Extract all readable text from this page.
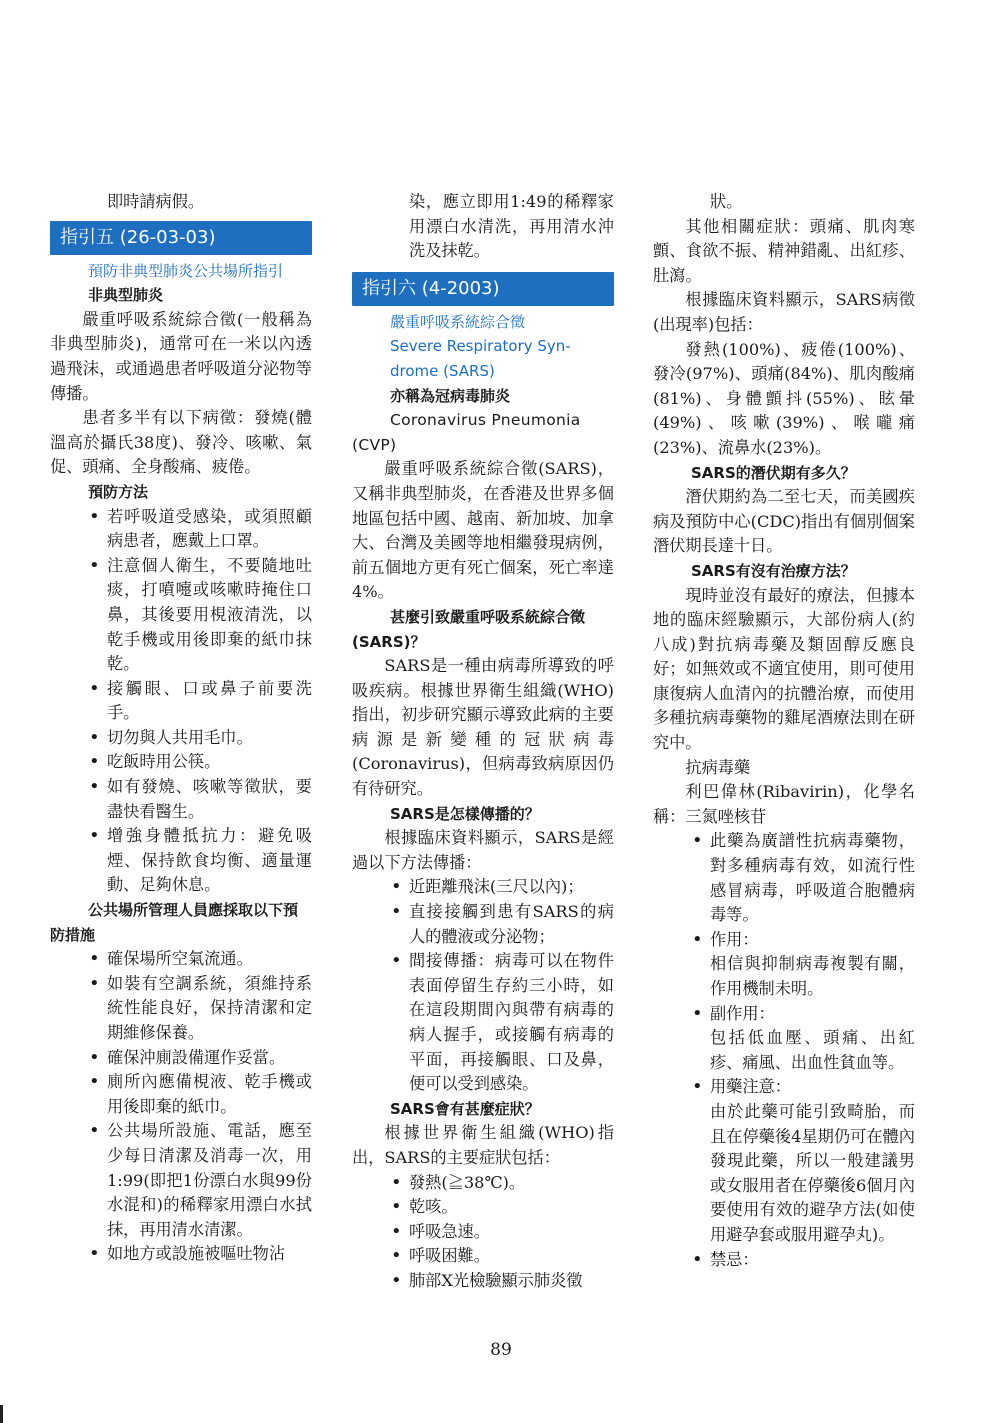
即時請病假。

指引五 (26-03-03)

預防非典型肺炎公共場所指引

非典型肺炎

嚴重呼吸系統綜合徵(一般稱為非典型肺炎)，通常可在一米以內透過飛沫，或通過患者呼吸道分泌物等傳播。

患者多半有以下病徵：發燒(體溫高於攝氏38度)、發冷、咳嗽、氣促、頭痛、全身酸痛、疲倦。

預防方法

• 若呼吸道受感染，或須照顧病患者，應戴上口罩。
• 注意個人衛生，不要隨地吐痰，打噴嚏或咳嗽時掩住口鼻，其後要用梘液清洗，以乾手機或用後即棄的紙巾抹乾。
• 接觸眼、口或鼻子前要洗手。
• 切勿與人共用毛巾。
• 吃飯時用公筷。
• 如有發燒、咳嗽等徵狀，要盡快看醫生。
• 增強身體抵抗力：避免吸煙、保持飲食均衡、適量運動、足夠休息。

公共場所管理人員應採取以下預防措施

• 確保場所空氣流通。
• 如裝有空調系統，須維持系統性能良好，保持清潔和定期維修保養。
• 確保沖廁設備運作妥當。
• 廁所內應備梘液、乾手機或用後即棄的紙巾。
• 公共場所設施、電話，應至少每日清潔及消毒一次，用1:99(即把1份漂白水與99份水混和)的稀釋家用漂白水拭抹，再用清水清潔。
• 如地方或設施被嘔吐物沾

染，應立即用1:49的稀釋家用漂白水清洗，再用清水沖洗及抹乾。

指引六 (4-2003)

嚴重呼吸系統綜合徵

Severe Respiratory Syn-

drome (SARS)

亦稱為冠病毒肺炎

Coronavirus Pneumonia

(CVP)

嚴重呼吸系統綜合徵(SARS)，又稱非典型肺炎，在香港及世界多個地區包括中國、越南、新加坡、加拿大、台灣及美國等地相繼發現病例，前五個地方更有死亡個案，死亡率達4%。

甚麼引致嚴重呼吸系統綜合徵(SARS)？

SARS是一種由病毒所導致的呼吸疾病。根據世界衛生組織(WHO)指出，初步研究顯示導致此病的主要病源是新變種的冠狀病毒(Coronavirus)，但病毒致病原因仍有待研究。

SARS是怎樣傳播的？

根據臨床資料顯示，SARS是經過以下方法傳播：

• 近距離飛沫(三尺以內)；
• 直接接觸到患有SARS的病人的體液或分泌物；
• 間接傳播：病毒可以在物件表面停留生存約三小時，如在這段期間內與帶有病毒的病人握手，或接觸有病毒的平面，再接觸眼、口及鼻，便可以受到感染。

SARS會有甚麼症狀？

根據世界衛生組織(WHO)指出，SARS的主要症狀包括：

• 發熱(≧38℃)。
• 乾咳。
• 呼吸急速。
• 呼吸困難。
• 肺部X光檢驗顯示肺炎徵

狀。

其他相關症狀：頭痛、肌肉寒顫、食欲不振、精神錯亂、出紅疹、肚瀉。

根據臨床資料顯示，SARS病徵(出現率)包括：

發熱(100%)、疲倦(100%)、發冷(97%)、頭痛(84%)、肌肉酸痛(81%)、身體顫抖(55%)、眩暈(49%)、咳嗽(39%)、喉嚨痛(23%)、流鼻水(23%)。

SARS的潛伏期有多久？

潛伏期約為二至七天，而美國疾病及預防中心(CDC)指出有個別個案潛伏期長達十日。

SARS有沒有治療方法？

現時並沒有最好的療法，但據本地的臨床經驗顯示，大部份病人(約八成)對抗病毒藥及類固醇反應良好；如無效或不適宜使用，則可使用康復病人血清內的抗體治療，而使用多種抗病毒藥物的雞尾酒療法則在研究中。

抗病毒藥

利巴偉林(Ribavirin)，化學名稱：三氮唑核苷

• 此藥為廣譜性抗病毒藥物，對多種病毒有效，如流行性感冒病毒，呼吸道合胞體病毒等。
• 作用：
相信與抑制病毒複製有關，作用機制未明。
• 副作用：
包括低血壓、頭痛、出紅疹、痛風、出血性貧血等。
• 用藥注意：
由於此藥可能引致畸胎，而且在停藥後4星期仍可在體內發現此藥，所以一般建議男或女服用者在停藥後6個月內要使用有效的避孕方法(如使用避孕套或服用避孕丸)。
• 禁忌：
89
